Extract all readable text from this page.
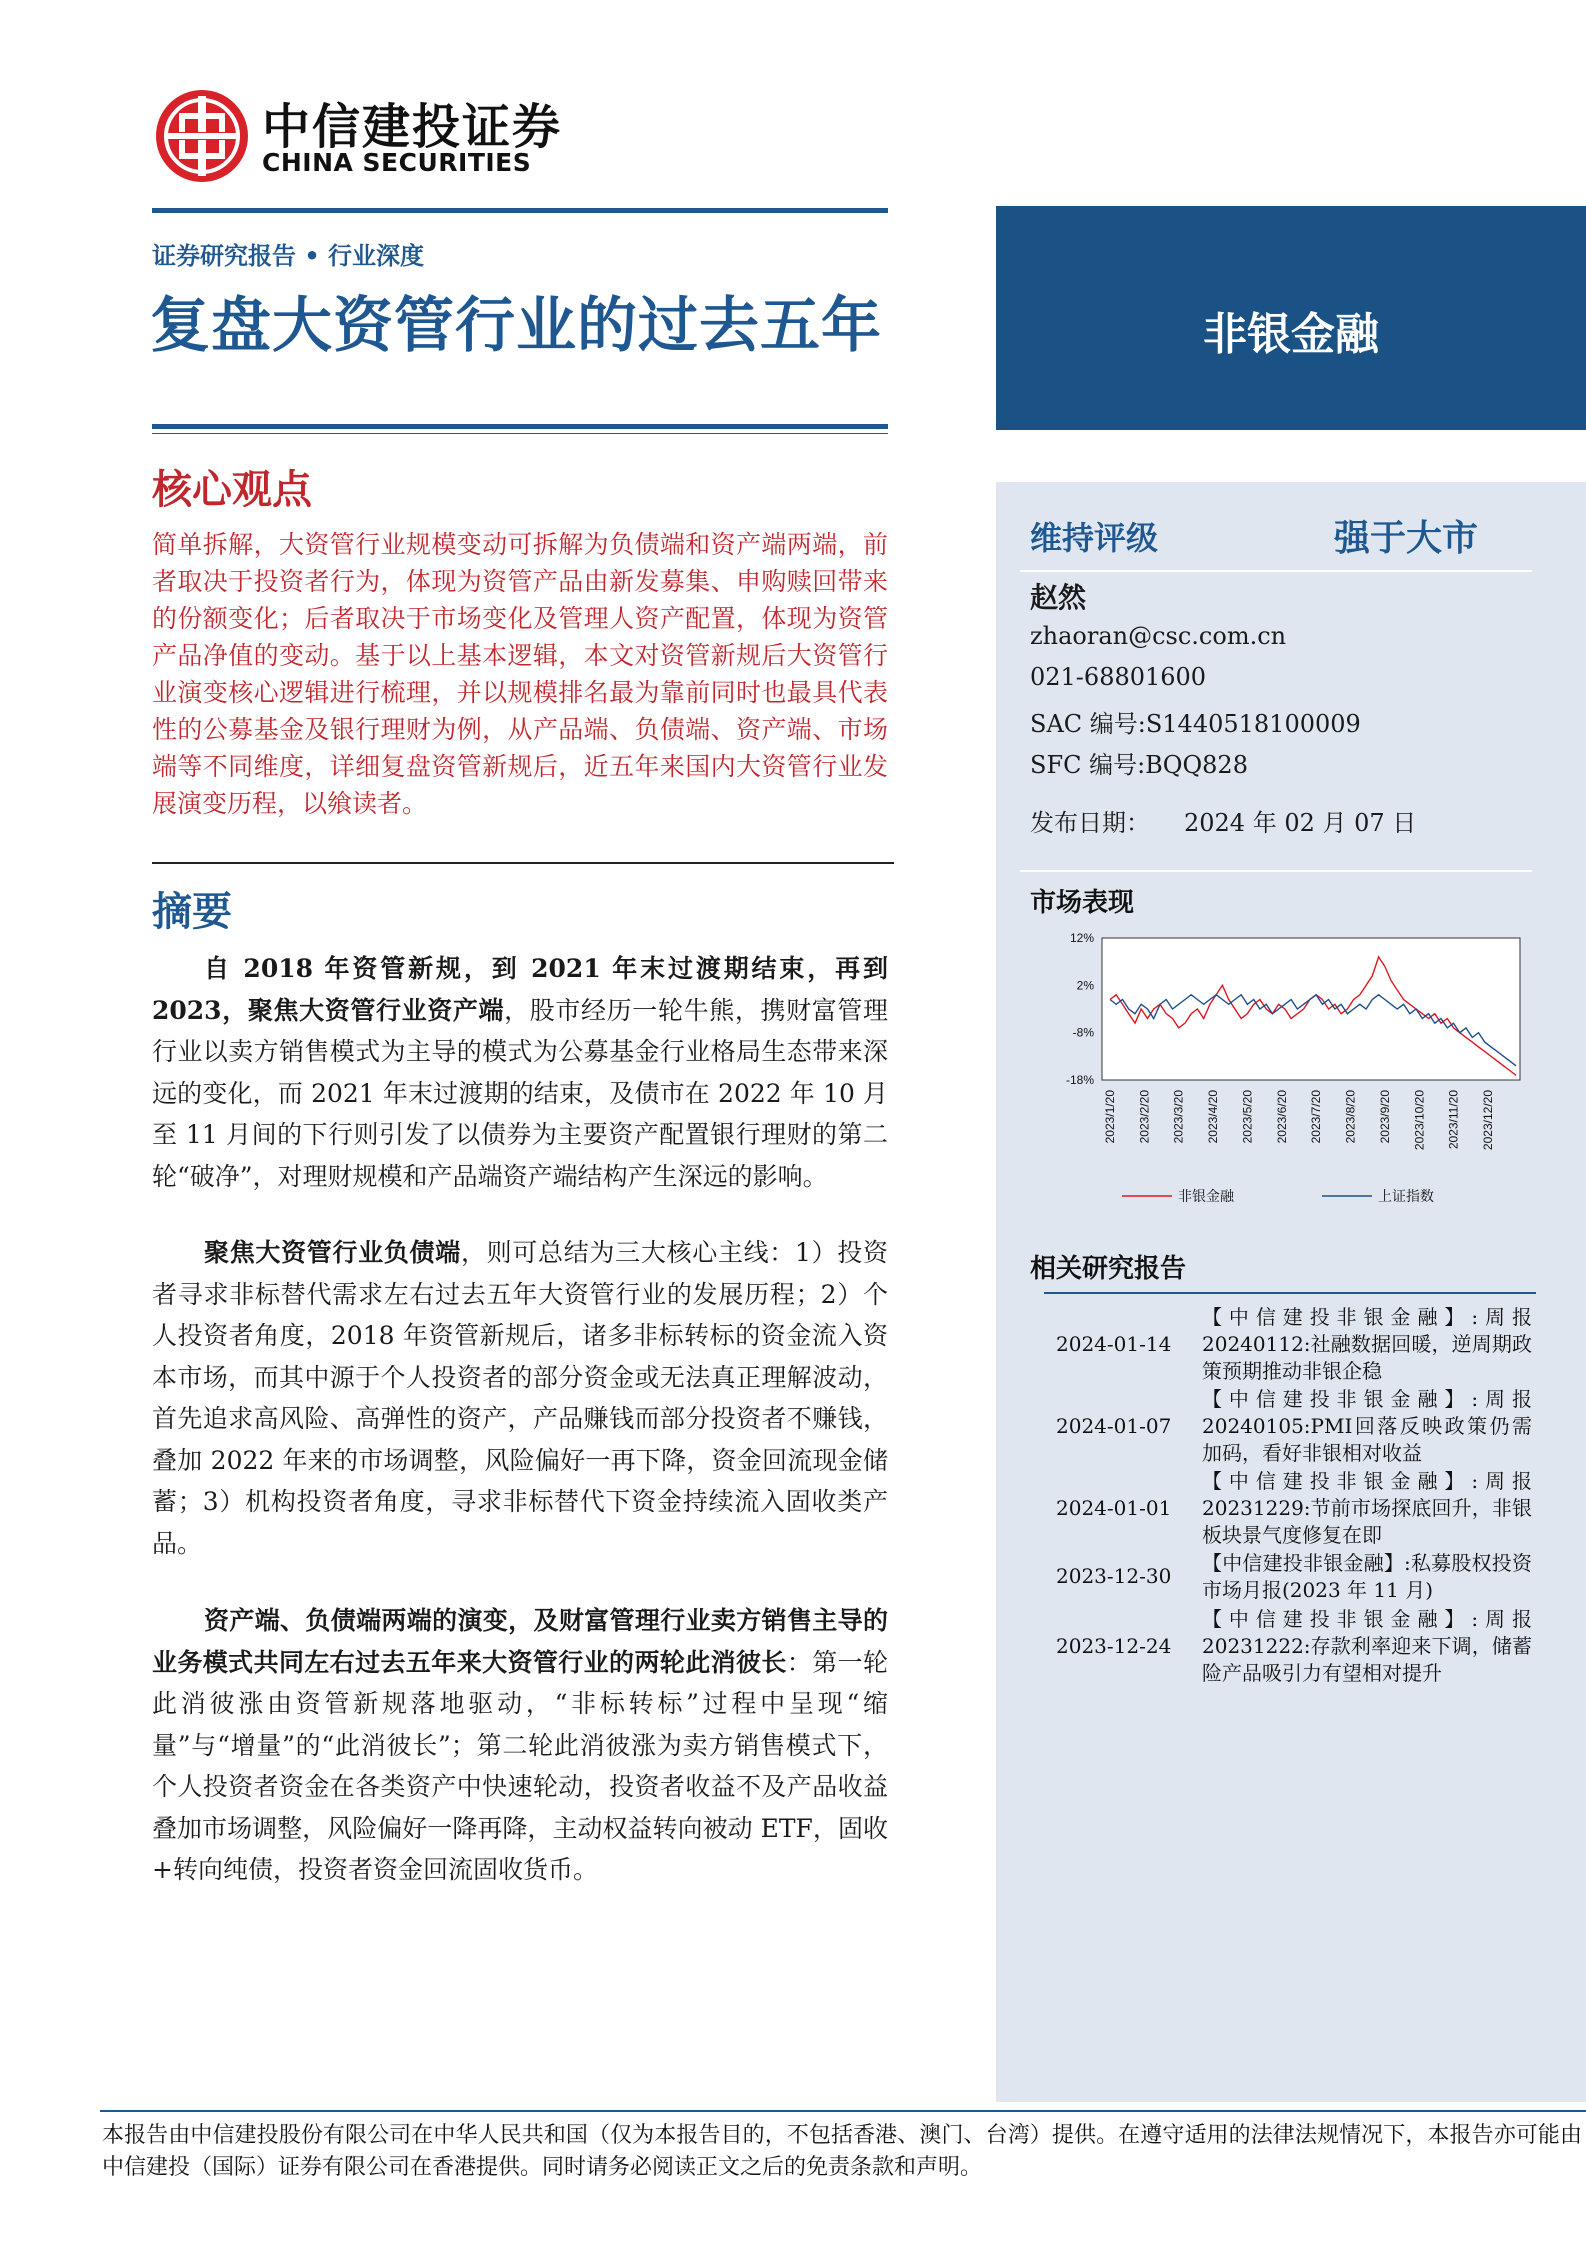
中信建投证券
CHINA SECURITIES
证券研究报告 • 行业深度
复盘大资管行业的过去五年	非银金融
维持评级	强于大市
赵然
zhaoran@csc.com.cn
021-68801600
SAC 编号:S1440518100009
SFC 编号:BQQ828
发布日期： 2024 年 02 月 07 日
市场表现
12%
2%
-8%
-18%
2023/1/20 2023/2/20 2023/3/20 2023/4/20 2023/5/20 2023/6/20 2023/7/20 2023/8/20 2023/9/20 2023/10/20 2023/11/20 2023/12/20
非银金融	上证指数
相关研究报告
2024-01-14
【中信建投非银金融】:周报20240112:社融数据回暖，逆周期政策预期推动非银企稳
2024-01-07
【中信建投非银金融】:周报20240105:PMI回落反映政策仍需加码，看好非银相对收益
2024-01-01
【中信建投非银金融】:周报20231229:节前市场探底回升，非银板块景气度修复在即
2023-12-30
【中信建投非银金融】:私募股权投资市场月报(2023 年 11 月)
2023-12-24
【中信建投非银金融】:周报20231222:存款利率迎来下调，储蓄险产品吸引力有望相对提升
核心观点
简单拆解，大资管行业规模变动可拆解为负债端和资产端两端，前者取决于投资者行为，体现为资管产品由新发募集、申购赎回带来的份额变化；后者取决于市场变化及管理人资产配置，体现为资管产品净值的变动。基于以上基本逻辑，本文对资管新规后大资管行业演变核心逻辑进行梳理，并以规模排名最为靠前同时也最具代表性的公募基金及银行理财为例，从产品端、负债端、资产端、市场端等不同维度，详细复盘资管新规后，近五年来国内大资管行业发展演变历程，以飨读者。
摘要
自 2018 年资管新规，到 2021 年末过渡期结束，再到 2023，聚焦大资管行业资产端，股市经历一轮牛熊，携财富管理行业以卖方销售模式为主导的模式为公募基金行业格局生态带来深远的变化，而 2021 年末过渡期的结束，及债市在 2022 年 10 月至 11 月间的下行则引发了以债券为主要资产配置银行理财的第二轮“破净”，对理财规模和产品端资产端结构产生深远的影响。
聚焦大资管行业负债端，则可总结为三大核心主线：1）投资者寻求非标替代需求左右过去五年大资管行业的发展历程；2）个人投资者角度，2018 年资管新规后，诸多非标转标的资金流入资本市场，而其中源于个人投资者的部分资金或无法真正理解波动，首先追求高风险、高弹性的资产，产品赚钱而部分投资者不赚钱，叠加 2022 年来的市场调整，风险偏好一再下降，资金回流现金储蓄；3）机构投资者角度，寻求非标替代下资金持续流入固收类产品。
资产端、负债端两端的演变，及财富管理行业卖方销售主导的业务模式共同左右过去五年来大资管行业的两轮此消彼长：第一轮此消彼涨由资管新规落地驱动，“非标转标”过程中呈现“缩量”与“增量”的“此消彼长”；第二轮此消彼涨为卖方销售模式下，个人投资者资金在各类资产中快速轮动，投资者收益不及产品收益叠加市场调整，风险偏好一降再降，主动权益转向被动 ETF，固收+转向纯债，投资者资金回流固收货币。
本报告由中信建投股份有限公司在中华人民共和国（仅为本报告目的，不包括香港、澳门、台湾）提供。在遵守适用的法律法规情况下，本报告亦可能由中信建投（国际）证券有限公司在香港提供。同时请务必阅读正文之后的免责条款和声明。
